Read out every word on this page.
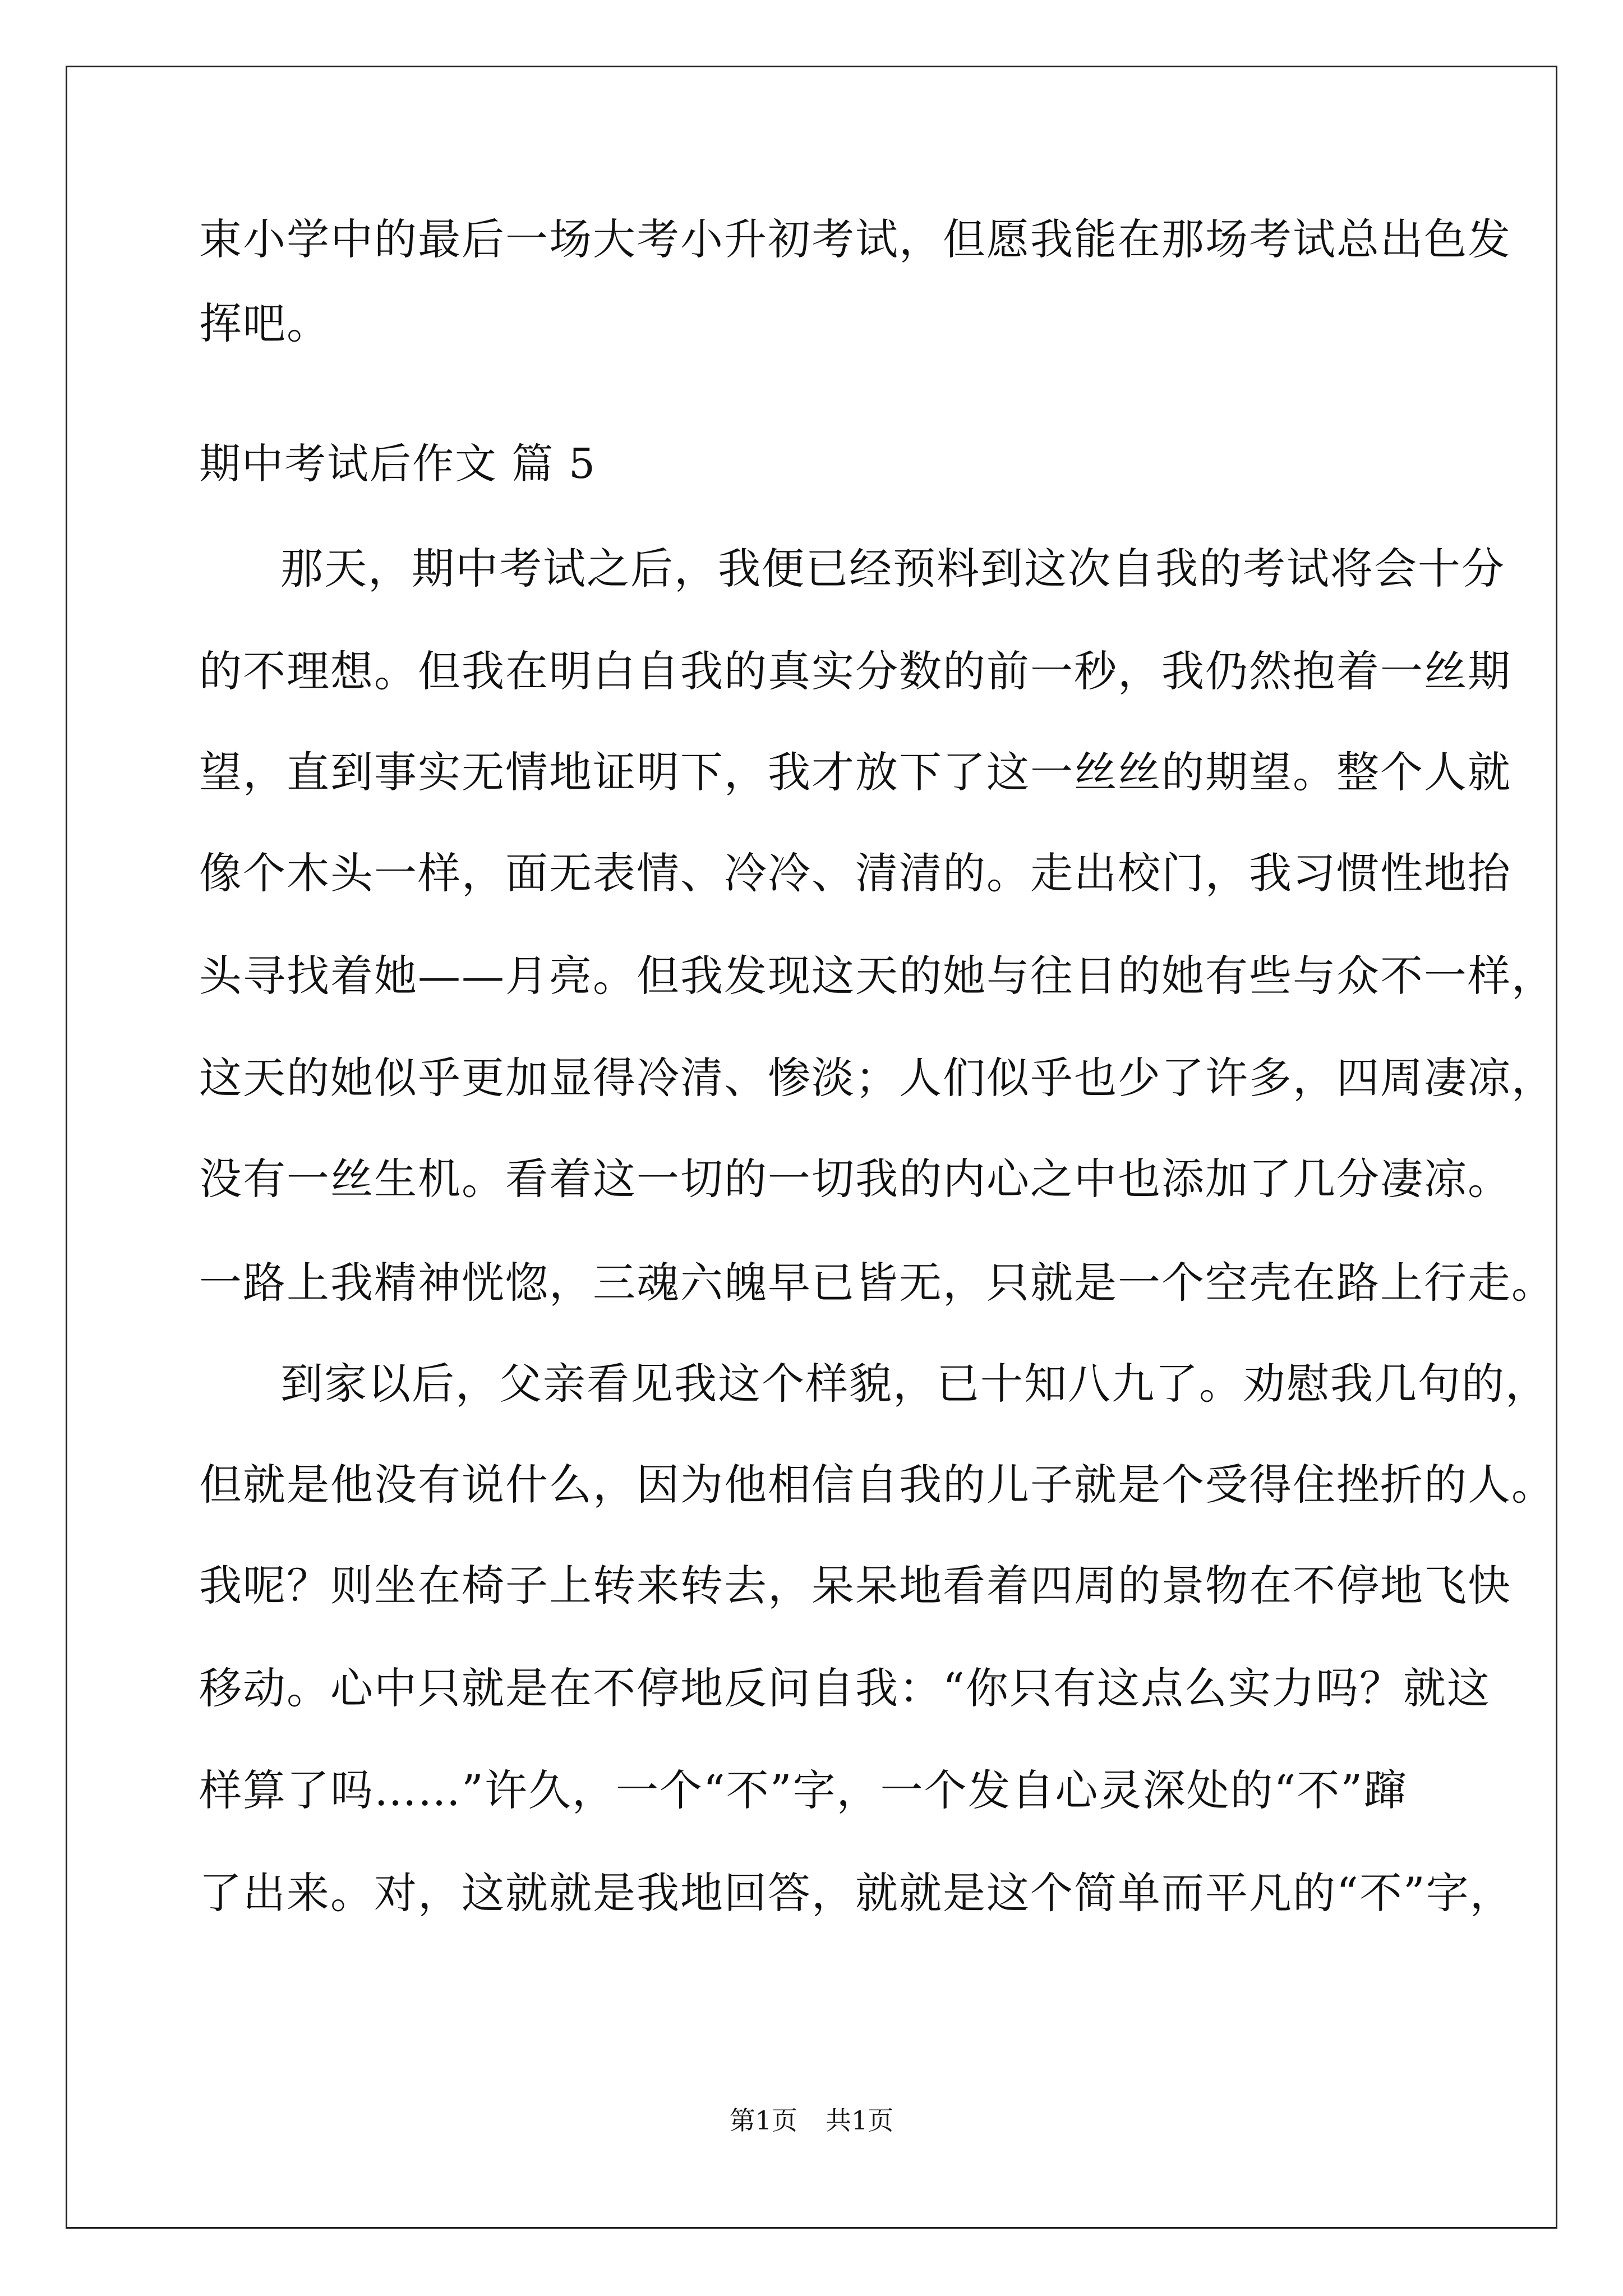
束小学中的最后一场大考小升初考试，但愿我能在那场考试总出色发
挥吧。
期中考试后作文 篇 5
那天，期中考试之后，我便已经预料到这次自我的考试将会十分
的不理想。但我在明白自我的真实分数的前一秒，我仍然抱着一丝期
望，直到事实无情地证明下，我才放下了这一丝丝的期望。整个人就
像个木头一样，面无表情、冷冷、清清的。走出校门，我习惯性地抬
头寻找着她——月亮。但我发现这天的她与往日的她有些与众不一样，
这天的她似乎更加显得冷清、惨淡；人们似乎也少了许多，四周凄凉，
没有一丝生机。看着这一切的一切我的内心之中也添加了几分凄凉。
一路上我精神恍惚，三魂六魄早已皆无，只就是一个空壳在路上行走。
到家以后，父亲看见我这个样貌，已十知八九了。劝慰我几句的，
但就是他没有说什么，因为他相信自我的儿子就是个受得住挫折的人。
我呢？则坐在椅子上转来转去，呆呆地看着四周的景物在不停地飞快
移动。心中只就是在不停地反问自我：“你只有这点么实力吗？就这
样算了吗……”许久，一个“不”字，一个发自心灵深处的“不”蹿
了出来。对，这就就是我地回答，就就是这个简单而平凡的“不”字，
第1页 共1页
